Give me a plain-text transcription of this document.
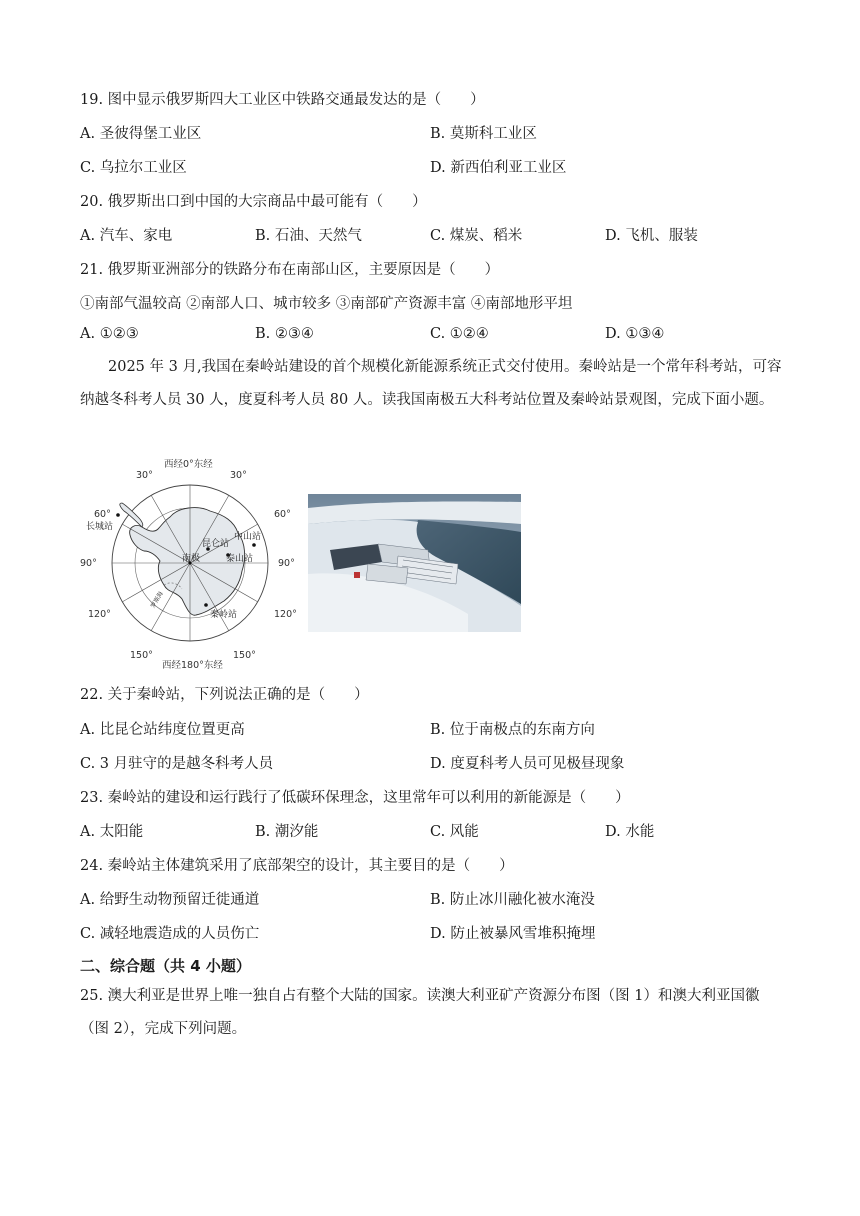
19. 图中显示俄罗斯四大工业区中铁路交通最发达的是（　　）
A. 圣彼得堡工业区	B. 莫斯科工业区
C. 乌拉尔工业区	D. 新西伯利亚工业区
20. 俄罗斯出口到中国的大宗商品中最可能有（　　）
A. 汽车、家电	B. 石油、天然气	C. 煤炭、稻米	D. 飞机、服装
21. 俄罗斯亚洲部分的铁路分布在南部山区，主要原因是（　　）
①南部气温较高 ②南部人口、城市较多 ③南部矿产资源丰富 ④南部地形平坦
A. ①②③	B. ②③④	C. ①②④	D. ①③④
2025 年 3 月,我国在秦岭站建设的首个规模化新能源系统正式交付使用。秦岭站是一个常年科考站，可容纳越冬科考人员 30 人，度夏科考人员 80 人。读我国南极五大科考站位置及秦岭站景观图，完成下面小题。
西经0°东经
30°	30°
60°	60°
90°	90°
120°	120°
150°	150°
西经180°东经
长城站
昆仑站
中山站
泰山站
秦岭站
南极
罗斯海
22. 关于秦岭站，下列说法正确的是（　　）
A. 比昆仑站纬度位置更高	B. 位于南极点的东南方向
C. 3 月驻守的是越冬科考人员	D. 度夏科考人员可见极昼现象
23. 秦岭站的建设和运行践行了低碳环保理念，这里常年可以利用的新能源是（　　）
A. 太阳能	B. 潮汐能	C. 风能	D. 水能
24. 秦岭站主体建筑采用了底部架空的设计，其主要目的是（　　）
A. 给野生动物预留迁徙通道	B. 防止冰川融化被水淹没
C. 减轻地震造成的人员伤亡	D. 防止被暴风雪堆积掩埋
二、综合题（共 4 小题）
25. 澳大利亚是世界上唯一独自占有整个大陆的国家。读澳大利亚矿产资源分布图（图 1）和澳大利亚国徽（图 2），完成下列问题。
